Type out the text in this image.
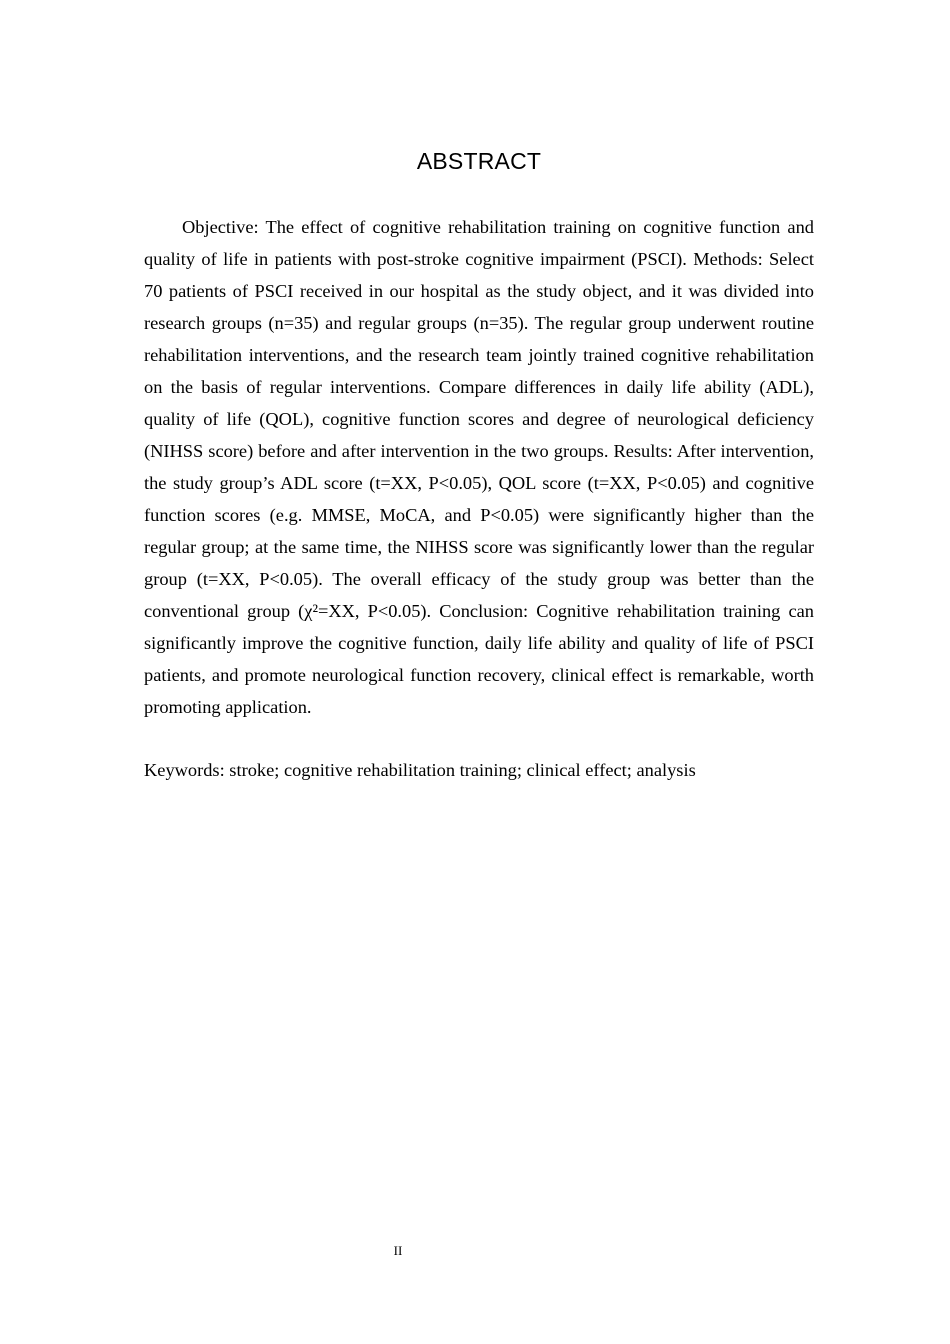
ABSTRACT

Objective: The effect of cognitive rehabilitation training on cognitive function and quality of life in patients with post-stroke cognitive impairment (PSCI). Methods: Select 70 patients of PSCI received in our hospital as the study object, and it was divided into research groups (n=35) and regular groups (n=35). The regular group underwent routine rehabilitation interventions, and the research team jointly trained cognitive rehabilitation on the basis of regular interventions. Compare differences in daily life ability (ADL), quality of life (QOL), cognitive function scores and degree of neurological deficiency (NIHSS score) before and after intervention in the two groups. Results: After intervention, the study group’s ADL score (t=XX, P<0.05), QOL score (t=XX, P<0.05) and cognitive function scores (e.g. MMSE, MoCA, and P<0.05) were significantly higher than the regular group; at the same time, the NIHSS score was significantly lower than the regular group (t=XX, P<0.05). The overall efficacy of the study group was better than the conventional group (χ²=XX, P<0.05). Conclusion: Cognitive rehabilitation training can significantly improve the cognitive function, daily life ability and quality of life of PSCI patients, and promote neurological function recovery, clinical effect is remarkable, worth promoting application.

Keywords: stroke; cognitive rehabilitation training; clinical effect; analysis

II
